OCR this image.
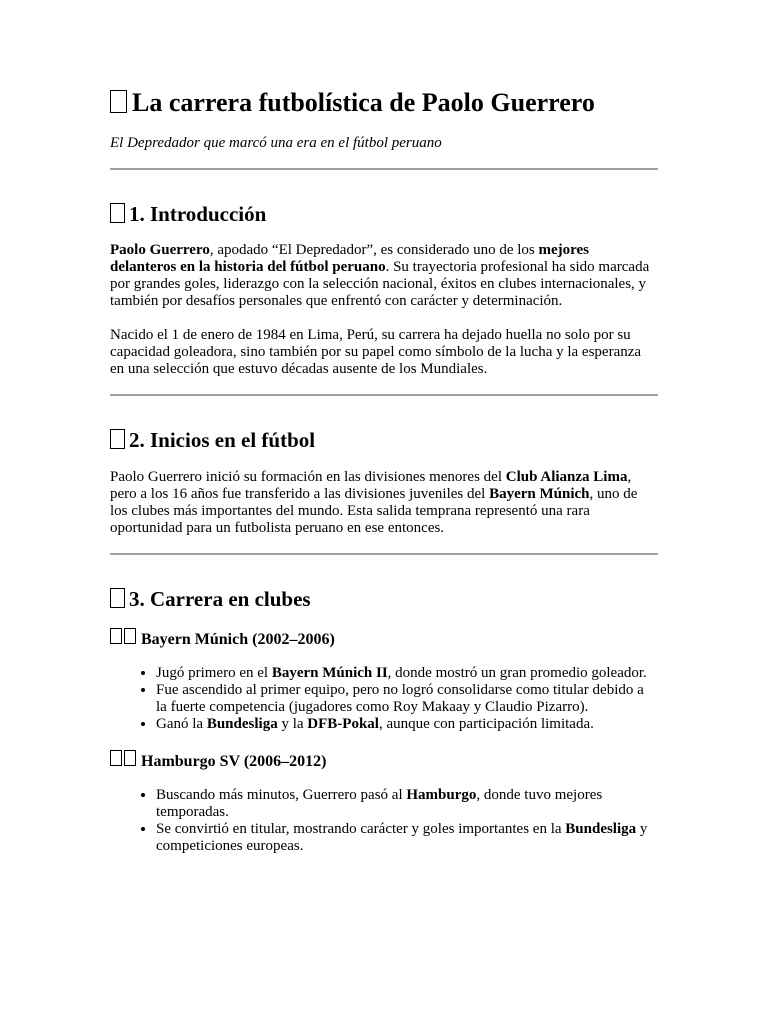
La carrera futbolística de Paolo Guerrero

El Depredador que marcó una era en el fútbol peruano

1. Introducción

Paolo Guerrero, apodado “El Depredador”, es considerado uno de los mejores delanteros en la historia del fútbol peruano. Su trayectoria profesional ha sido marcada por grandes goles, liderazgo con la selección nacional, éxitos en clubes internacionales, y también por desafíos personales que enfrentó con carácter y determinación.

Nacido el 1 de enero de 1984 en Lima, Perú, su carrera ha dejado huella no solo por su capacidad goleadora, sino también por su papel como símbolo de la lucha y la esperanza en una selección que estuvo décadas ausente de los Mundiales.

2. Inicios en el fútbol

Paolo Guerrero inició su formación en las divisiones menores del Club Alianza Lima, pero a los 16 años fue transferido a las divisiones juveniles del Bayern Múnich, uno de los clubes más importantes del mundo. Esta salida temprana representó una rara oportunidad para un futbolista peruano en ese entonces.

3. Carrera en clubes
Bayern Múnich (2002–2006)
• Jugó primero en el Bayern Múnich II, donde mostró un gran promedio goleador.
• Fue ascendido al primer equipo, pero no logró consolidarse como titular debido a la fuerte competencia (jugadores como Roy Makaay y Claudio Pizarro).
• Ganó la Bundesliga y la DFB-Pokal, aunque con participación limitada.
Hamburgo SV (2006–2012)
• Buscando más minutos, Guerrero pasó al Hamburgo, donde tuvo mejores temporadas.
• Se convirtió en titular, mostrando carácter y goles importantes en la Bundesliga y competiciones europeas.
